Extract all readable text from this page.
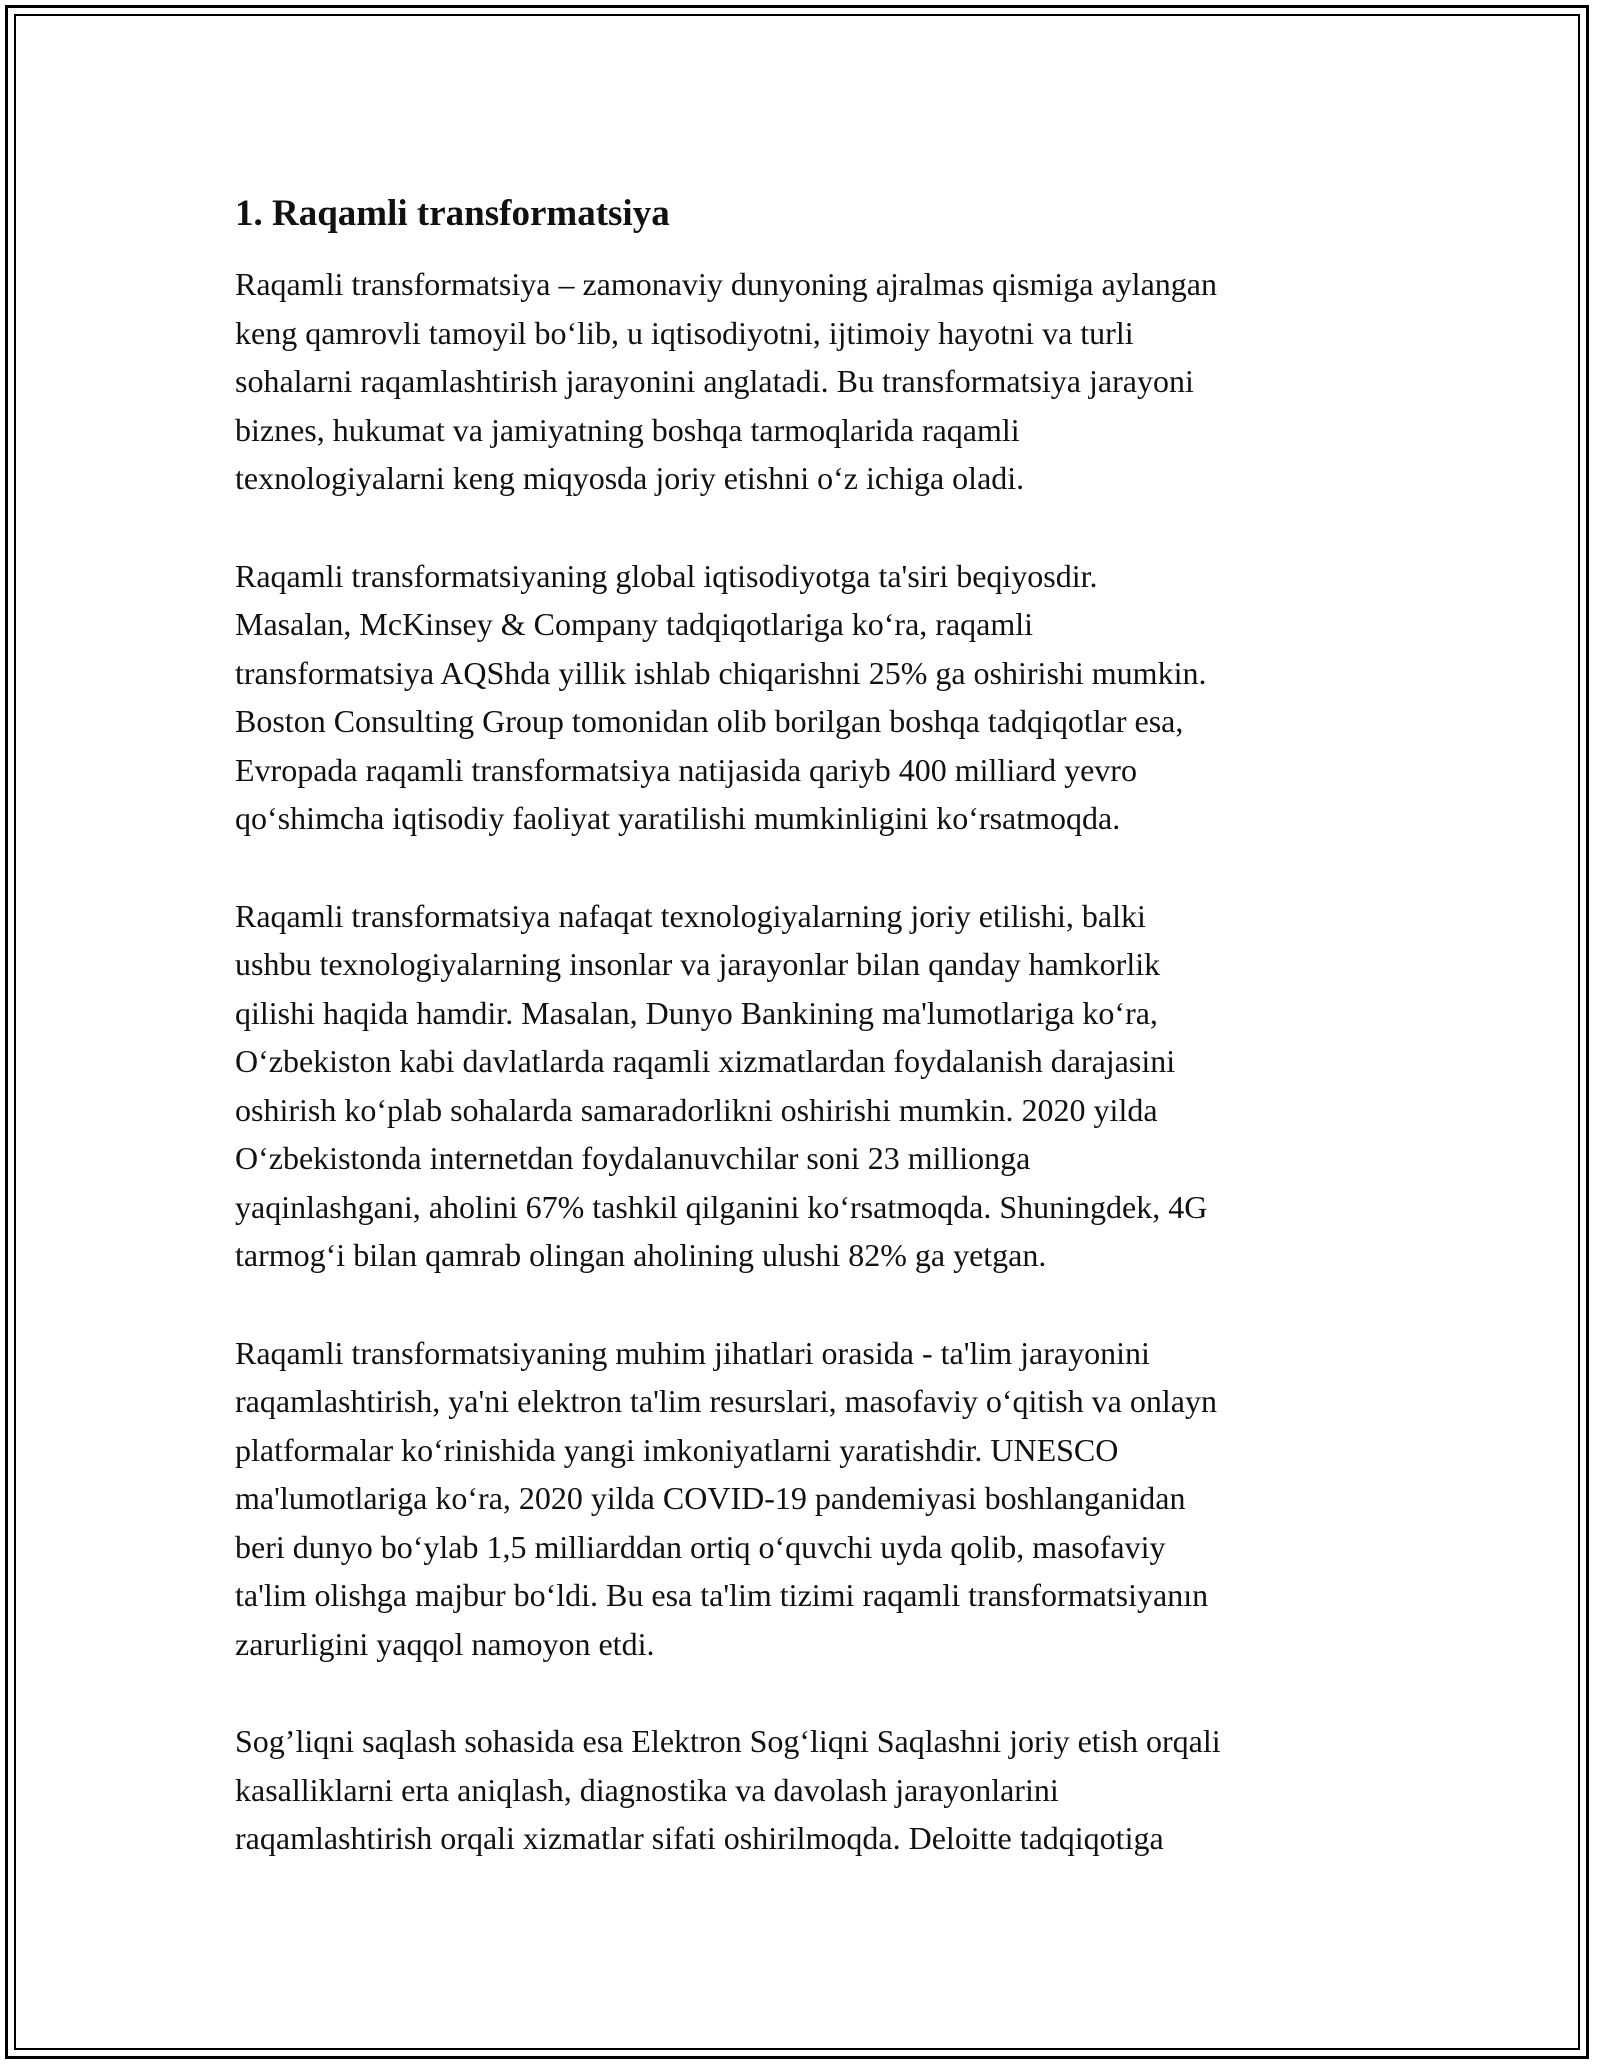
1. Raqamli transformatsiya

Raqamli transformatsiya – zamonaviy dunyoning ajralmas qismiga aylangan
keng qamrovli tamoyil bo‘lib, u iqtisodiyotni, ijtimoiy hayotni va turli
sohalarni raqamlashtirish jarayonini anglatadi. Bu transformatsiya jarayoni
biznes, hukumat va jamiyatning boshqa tarmoqlarida raqamli
texnologiyalarni keng miqyosda joriy etishni o‘z ichiga oladi.

Raqamli transformatsiyaning global iqtisodiyotga ta'siri beqiyosdir.
Masalan, McKinsey & Company tadqiqotlariga ko‘ra, raqamli
transformatsiya AQShda yillik ishlab chiqarishni 25% ga oshirishi mumkin.
Boston Consulting Group tomonidan olib borilgan boshqa tadqiqotlar esa,
Evropada raqamli transformatsiya natijasida qariyb 400 milliard yevro
qo‘shimcha iqtisodiy faoliyat yaratilishi mumkinligini ko‘rsatmoqda.

Raqamli transformatsiya nafaqat texnologiyalarning joriy etilishi, balki
ushbu texnologiyalarning insonlar va jarayonlar bilan qanday hamkorlik
qilishi haqida hamdir. Masalan, Dunyo Bankining ma'lumotlariga ko‘ra,
O‘zbekiston kabi davlatlarda raqamli xizmatlardan foydalanish darajasini
oshirish ko‘plab sohalarda samaradorlikni oshirishi mumkin. 2020 yilda
O‘zbekistonda internetdan foydalanuvchilar soni 23 millionga
yaqinlashgani, aholini 67% tashkil qilganini ko‘rsatmoqda. Shuningdek, 4G
tarmog‘i bilan qamrab olingan aholining ulushi 82% ga yetgan.

Raqamli transformatsiyaning muhim jihatlari orasida - ta'lim jarayonini
raqamlashtirish, ya'ni elektron ta'lim resurslari, masofaviy o‘qitish va onlayn
platformalar ko‘rinishida yangi imkoniyatlarni yaratishdir. UNESCO
ma'lumotlariga ko‘ra, 2020 yilda COVID-19 pandemiyasi boshlanganidan
beri dunyo bo‘ylab 1,5 milliarddan ortiq o‘quvchi uyda qolib, masofaviy
ta'lim olishga majbur bo‘ldi. Bu esa ta'lim tizimi raqamli transformatsiyanın
zarurligini yaqqol namoyon etdi.

Sog’liqni saqlash sohasida esa Elektron Sog‘liqni Saqlashni joriy etish orqali
kasalliklarni erta aniqlash, diagnostika va davolash jarayonlarini
raqamlashtirish orqali xizmatlar sifati oshirilmoqda. Deloitte tadqiqotiga
